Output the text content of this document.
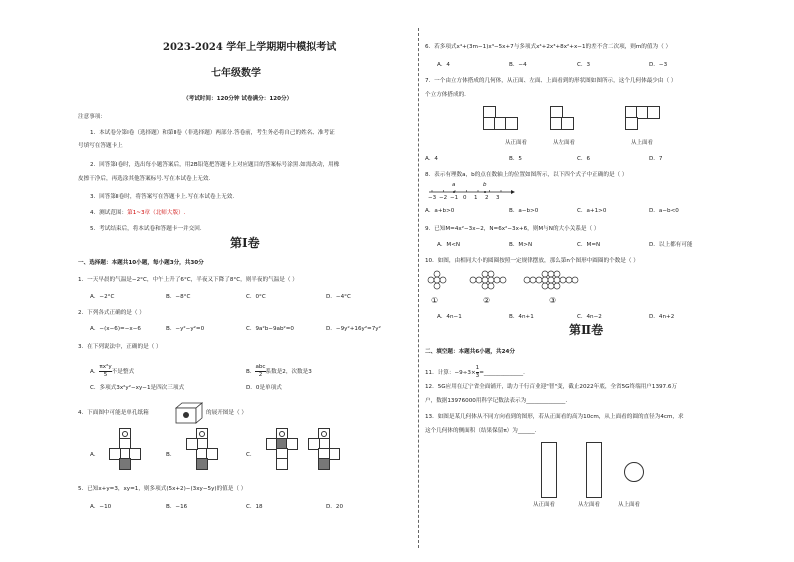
2023-2024 学年上学期期中模拟考试
七年级数学
（考试时间：120分钟 试卷满分：120分）
注意事项：
1．本试卷分第Ⅰ卷（选择题）和第Ⅱ卷（非选择题）两部分.答卷前，考生务必将自己的姓名、准考证
号填写在答题卡上
2．回答第Ⅰ卷时，选出每小题答案后，用2B铅笔把答题卡上对应题目的答案标号涂黑.如需改动，用橡
皮擦干净后，再选涂其他答案标号.写在本试卷上无效.
3．回答第Ⅱ卷时，将答案写在答题卡上.写在本试卷上无效.
4．测试范围：第1~3章（北师大版）.
5．考试结束后，将本试卷和答题卡一并交回.
第Ⅰ卷
一、选择题：本题共10小题，每小题3分，共30分
1．一天早晨的气温是−2°C，中午上升了6°C，半夜又下降了8°C，则半夜的气温是（ ）
A．−2°C	B．−8°C	C．0°C	D．−4°C
2．下列各式正确的是（ ）
A．−(x−6)=−x−6	B．−y²−y²=0	C．9a²b−9ab²=0	D．−9y²+16y²=7y²
3．在下列说法中，正确的是（ ）
A． $\frac{\text{πx²y}}{5}$ 不是整式	B．
abc
2 系数是2，次数是3
C．多项式3x²y²−xy−1是四次三项式	D．0是单项式
4．下面图中可能是单孔纸箱	的展开图是（ ）
A．	B．	C．
5．已知x+y=3，xy=1，则多项式(5x+2)−(3xy−5y)的值是（ ）
A．−10	B．−16	C．18	D．20
6．若多项式x⁴+(3m−1)x³−5x+7与多项式x⁴+2x³+8x²+x−1的差不含二次项，则m的值为（ ）
A．4	B．−4	C．3	D．−3
7．一个由立方体搭成的几何体，从正面、左面、上面看到的形状图如图所示，这个几何体最少由（ ）
个立方体搭成的.
从正面看	从左面看	从上面看
A．4	B．5	C．6	D．7
8．表示有理数a，b的点在数轴上的位置如图所示，以下四个式子中正确的是（ ）
a	b
−3 −2 −1 0 1 2 3
A．a+b>0	B．a−b>0	C．a+1>0	D．a−b<0
9．已知M=4x²−3x−2，N=6x²−3x+6，则M与N的大小关系是（ ）
A．M<N	B．M>N	C．M=N	D．以上都有可能
10．如图，由相同大小的圆圈按照一定规律摆放，那么第n个图形中圆圈的个数是（ ）
①	②	③
A．4n−1	B．4n+1	C．4n−2	D．4n+2
第Ⅱ卷
二、填空题：本题共6小题，共24分
11．计算：$-9\div 3\times \frac{1}{3}$ =______________.
12．5G应用在辽宁省全面铺开，助力千行百业迎"智"变，截止2022年底，全省5G终端用户1397.6万
户，数据13976000用科学记数法表示为______________.
13．如图是某几何体从不同方向看到的图形，若从正面看的高为10cm，从上面看的圆的直径为4cm，求
这个几何体的侧面积（结果保留π）为______.
从正面看	从左面看	从上面看
